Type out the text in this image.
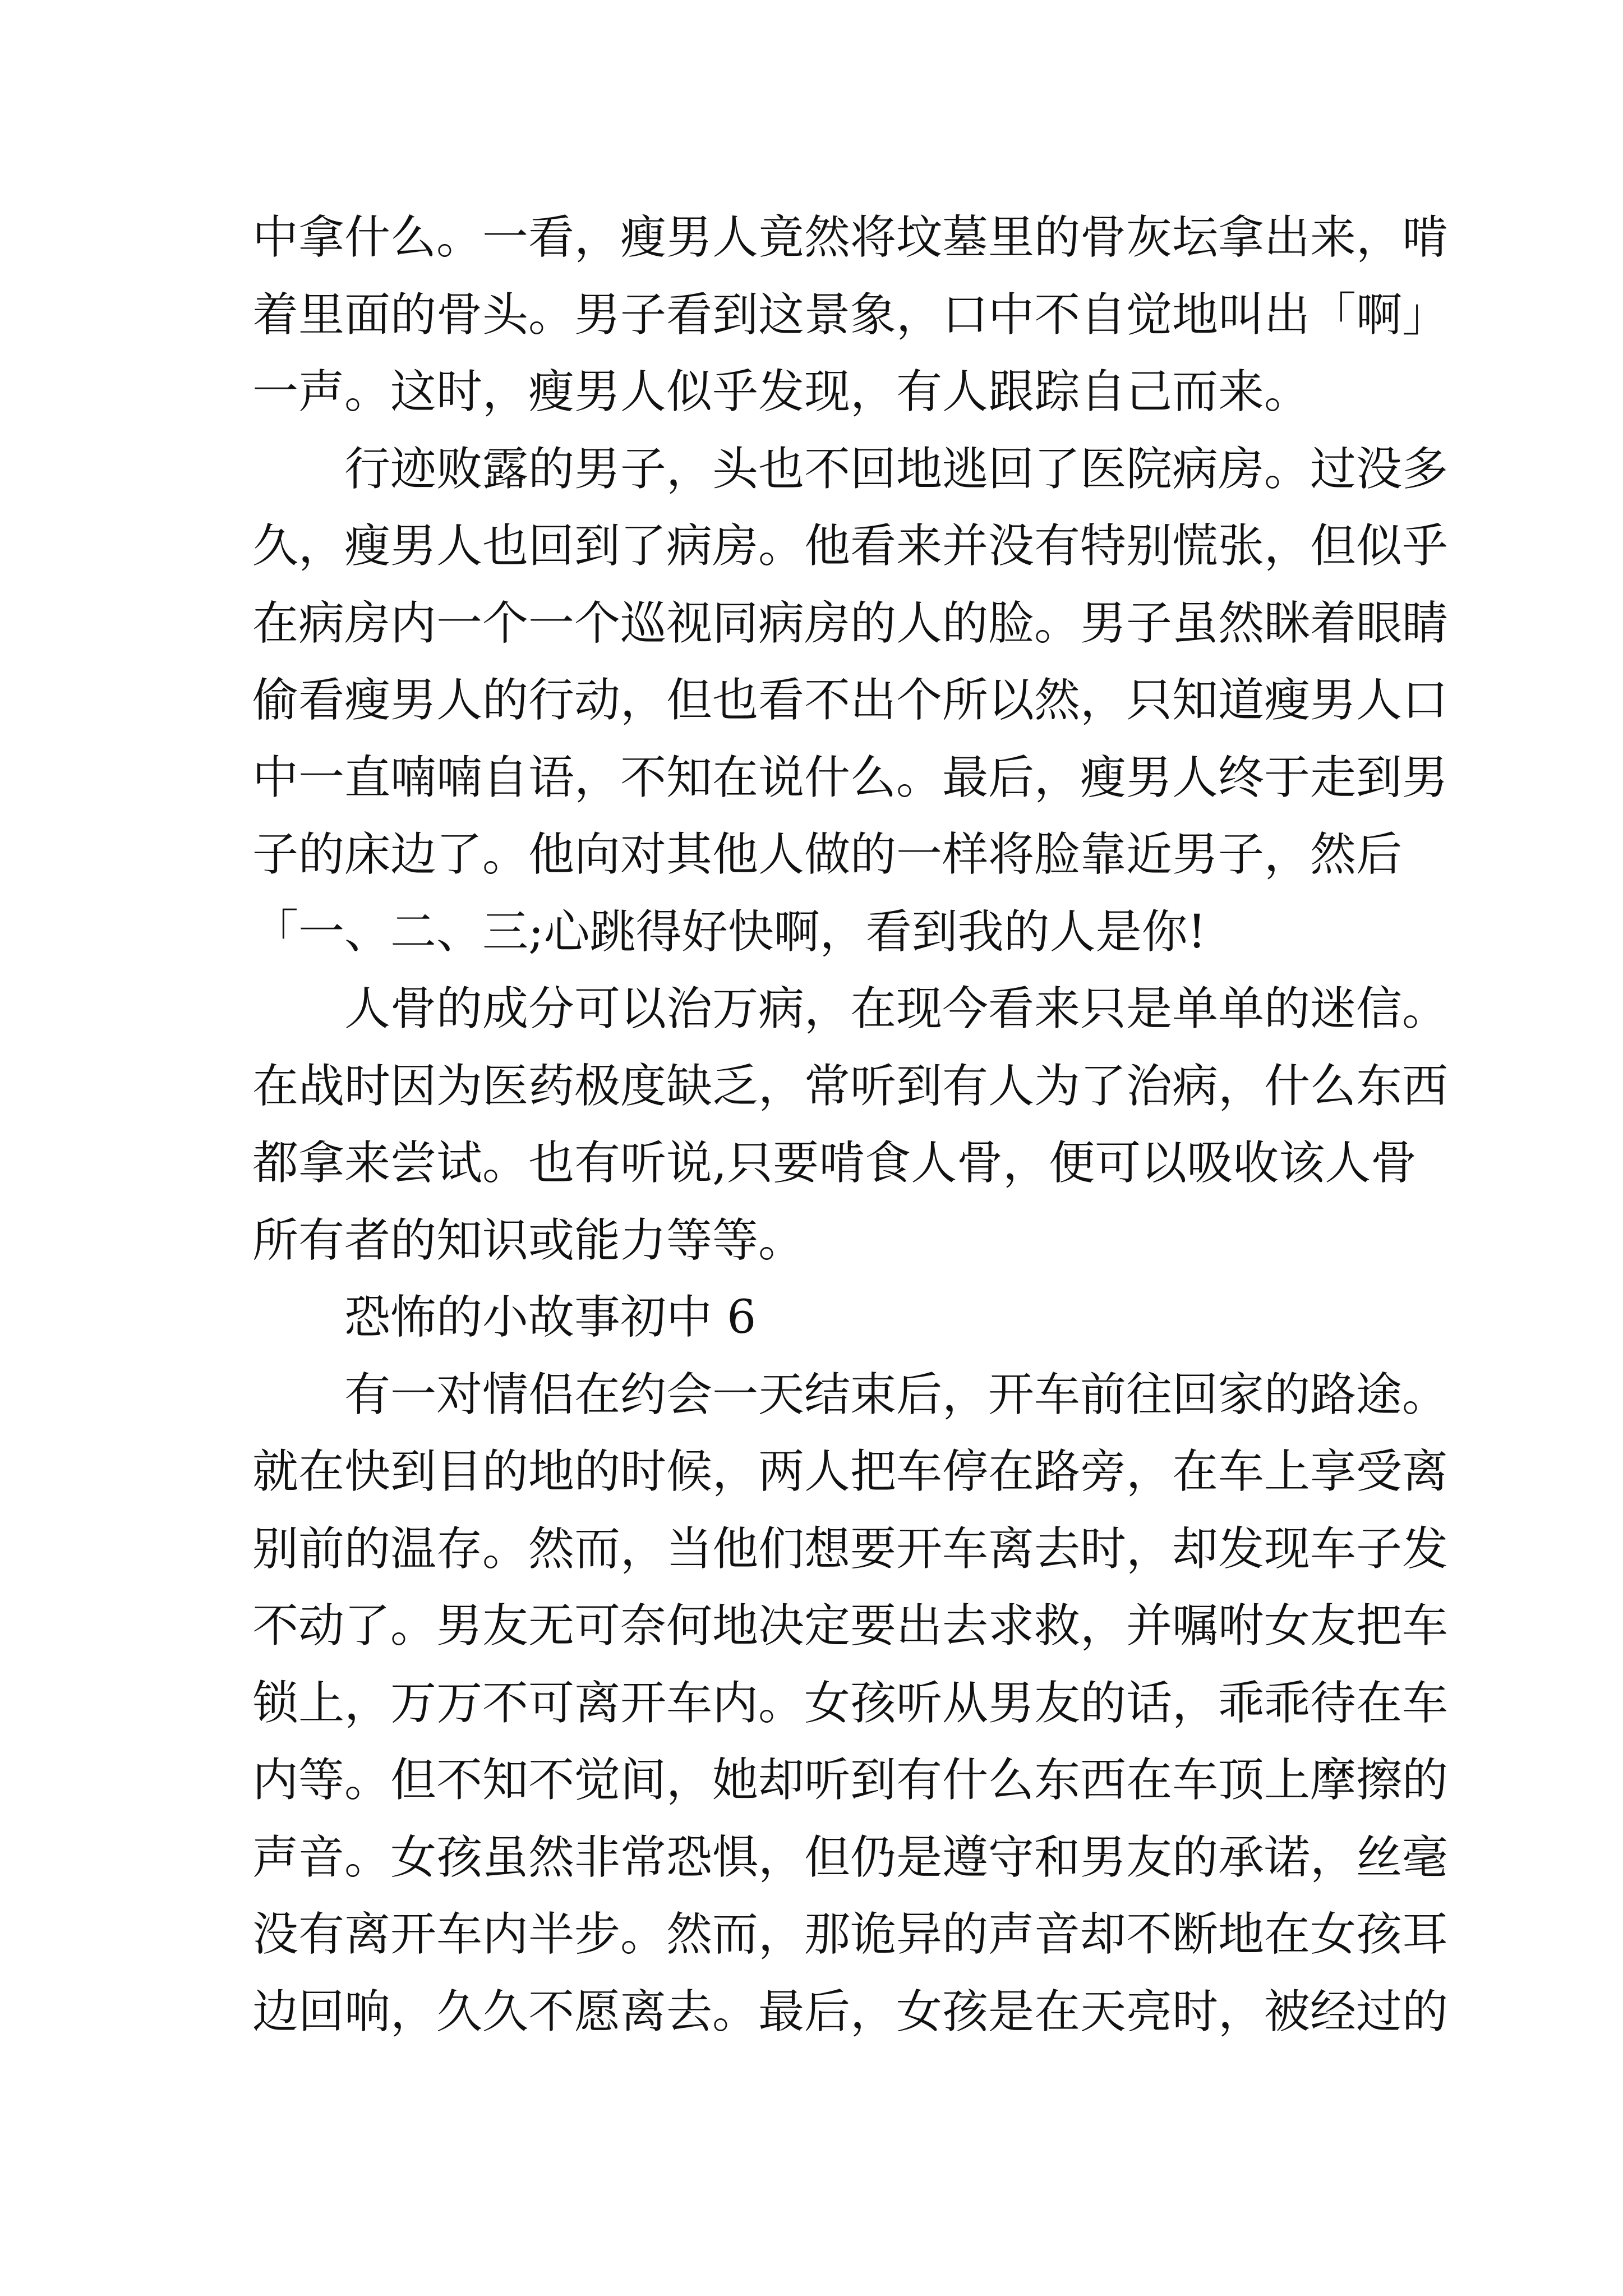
中拿什么。一看，瘦男人竟然将坟墓里的骨灰坛拿出来，啃
着里面的骨头。男子看到这景象，口中不自觉地叫出「啊」
一声。这时，瘦男人似乎发现，有人跟踪自己而来。
行迹败露的男子，头也不回地逃回了医院病房。过没多
久，瘦男人也回到了病房。他看来并没有特别慌张，但似乎
在病房内一个一个巡视同病房的人的脸。男子虽然眯着眼睛
偷看瘦男人的行动，但也看不出个所以然，只知道瘦男人口
中一直喃喃自语，不知在说什么。最后，瘦男人终于走到男
子的床边了。他向对其他人做的一样将脸靠近男子，然后
「一、二、三;心跳得好快啊，看到我的人是你!
人骨的成分可以治万病，在现今看来只是单单的迷信。
在战时因为医药极度缺乏，常听到有人为了治病，什么东西
都拿来尝试。也有听说,只要啃食人骨，便可以吸收该人骨
所有者的知识或能力等等。
恐怖的小故事初中 6
有一对情侣在约会一天结束后，开车前往回家的路途。
就在快到目的地的时候，两人把车停在路旁，在车上享受离
别前的温存。然而，当他们想要开车离去时，却发现车子发
不动了。男友无可奈何地决定要出去求救，并嘱咐女友把车
锁上，万万不可离开车内。女孩听从男友的话，乖乖待在车
内等。但不知不觉间，她却听到有什么东西在车顶上摩擦的
声音。女孩虽然非常恐惧，但仍是遵守和男友的承诺，丝毫
没有离开车内半步。然而，那诡异的声音却不断地在女孩耳
边回响，久久不愿离去。最后，女孩是在天亮时，被经过的
